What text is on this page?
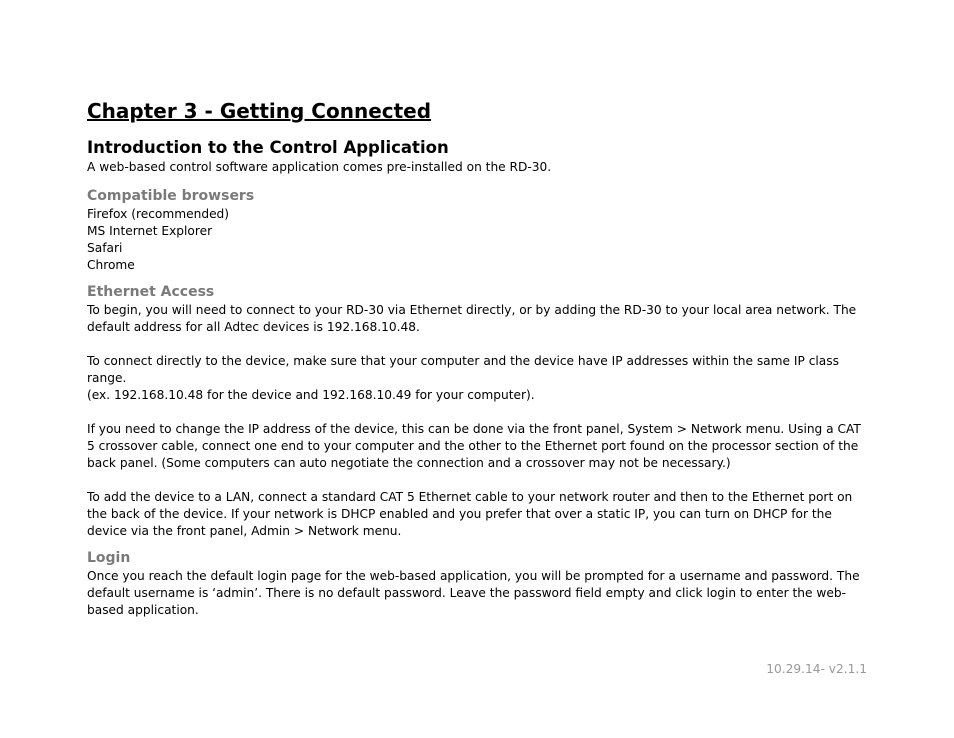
Chapter 3 - Getting Connected
Introduction to the Control Application

A web-based control software application comes pre-installed on the RD-30.

Compatible browsers
Firefox (recommended)
MS Internet Explorer
Safari
Chrome
Ethernet Access

To begin, you will need to connect to your RD-30 via Ethernet directly, or by adding the RD-30 to your local area network. The default address for all Adtec devices is 192.168.10.48.

To connect directly to the device, make sure that your computer and the device have IP addresses within the same IP class range.

(ex. 192.168.10.48 for the device and 192.168.10.49 for your computer).

If you need to change the IP address of the device, this can be done via the front panel, System > Network menu. Using a CAT 5 crossover cable, connect one end to your computer and the other to the Ethernet port found on the processor section of the back panel. (Some computers can auto negotiate the connection and a crossover may not be necessary.)

To add the device to a LAN, connect a standard CAT 5 Ethernet cable to your network router and then to the Ethernet port on the back of the device. If your network is DHCP enabled and you prefer that over a static IP, you can turn on DHCP for the device via the front panel, Admin > Network menu.

Login

Once you reach the default login page for the web-based application, you will be prompted for a username and password. The default username is ‘admin’. There is no default password. Leave the password field empty and click login to enter the web-based application.

10.29.14- v2.1.1
